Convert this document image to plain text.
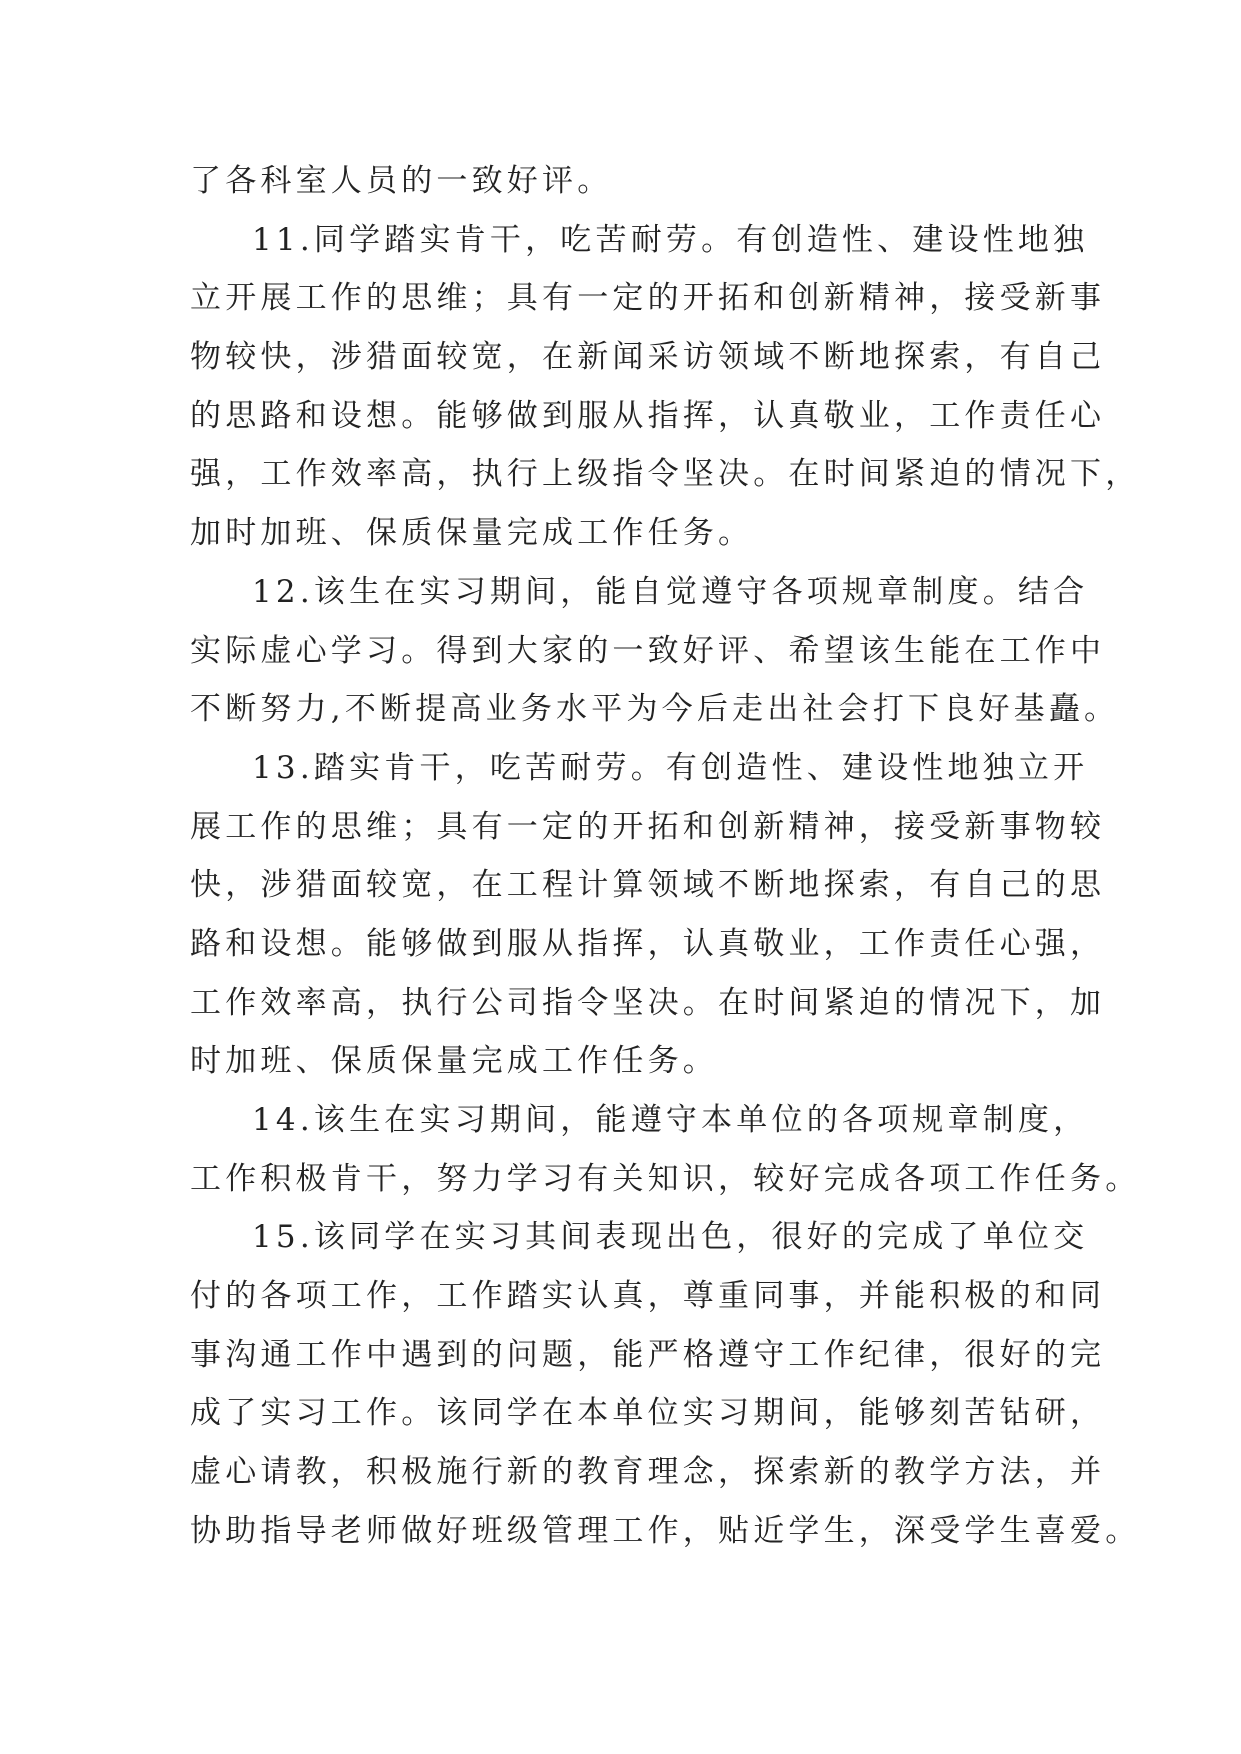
了各科室人员的一致好评。
11.同学踏实肯干，吃苦耐劳。有创造性、建设性地独
立开展工作的思维；具有一定的开拓和创新精神，接受新事
物较快，涉猎面较宽，在新闻采访领域不断地探索，有自己
的思路和设想。能够做到服从指挥，认真敬业，工作责任心
强，工作效率高，执行上级指令坚决。在时间紧迫的情况下，
加时加班、保质保量完成工作任务。
12.该生在实习期间，能自觉遵守各项规章制度。结合
实际虚心学习。得到大家的一致好评、希望该生能在工作中
不断努力,不断提高业务水平为今后走出社会打下良好基矗。
13.踏实肯干，吃苦耐劳。有创造性、建设性地独立开
展工作的思维；具有一定的开拓和创新精神，接受新事物较
快，涉猎面较宽，在工程计算领域不断地探索，有自己的思
路和设想。能够做到服从指挥，认真敬业，工作责任心强，
工作效率高，执行公司指令坚决。在时间紧迫的情况下，加
时加班、保质保量完成工作任务。
14.该生在实习期间，能遵守本单位的各项规章制度，
工作积极肯干，努力学习有关知识，较好完成各项工作任务。
15.该同学在实习其间表现出色，很好的完成了单位交
付的各项工作，工作踏实认真，尊重同事，并能积极的和同
事沟通工作中遇到的问题，能严格遵守工作纪律，很好的完
成了实习工作。该同学在本单位实习期间，能够刻苦钻研，
虚心请教，积极施行新的教育理念，探索新的教学方法，并
协助指导老师做好班级管理工作，贴近学生，深受学生喜爱。
